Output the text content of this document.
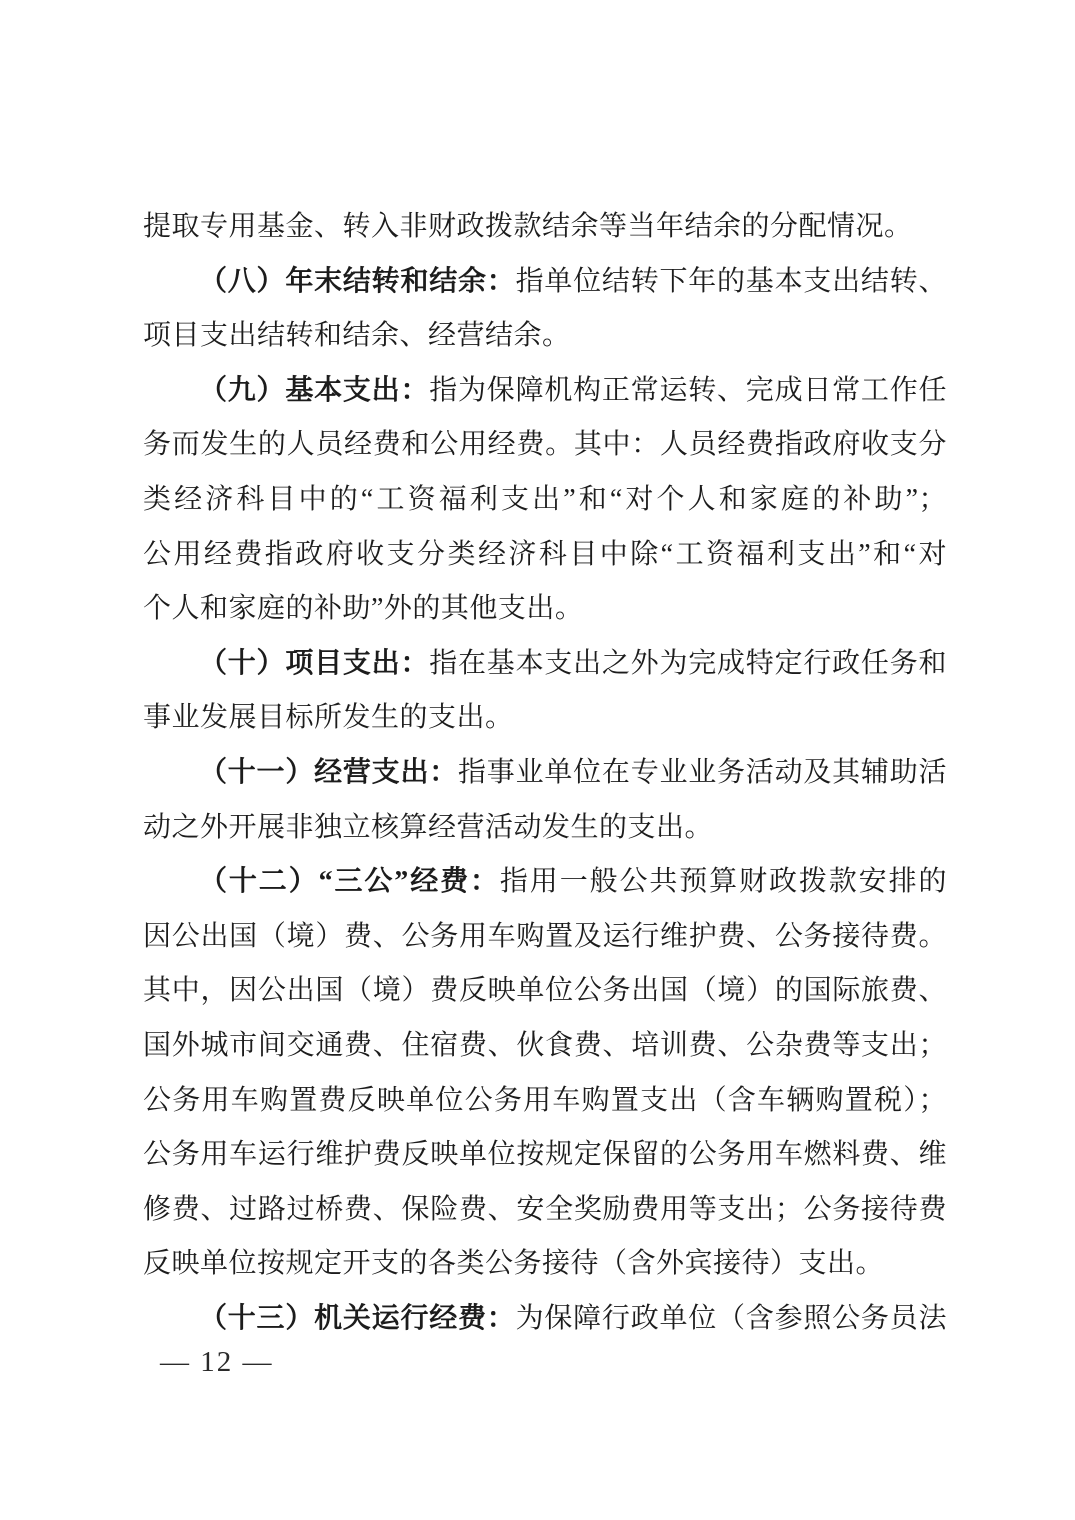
提取专用基金、转入非财政拨款结余等当年结余的分配情况。
（八）年末结转和结余：指单位结转下年的基本支出结转、
项目支出结转和结余、经营结余。
（九）基本支出：指为保障机构正常运转、完成日常工作任
务而发生的人员经费和公用经费。其中：人员经费指政府收支分
类经济科目中的“工资福利支出”和“对个人和家庭的补助”；
公用经费指政府收支分类经济科目中除“工资福利支出”和“对
个人和家庭的补助”外的其他支出。
（十）项目支出：指在基本支出之外为完成特定行政任务和
事业发展目标所发生的支出。
（十一）经营支出：指事业单位在专业业务活动及其辅助活
动之外开展非独立核算经营活动发生的支出。
（十二）“三公”经费：指用一般公共预算财政拨款安排的
因公出国（境）费、公务用车购置及运行维护费、公务接待费。
其中，因公出国（境）费反映单位公务出国（境）的国际旅费、
国外城市间交通费、住宿费、伙食费、培训费、公杂费等支出；
公务用车购置费反映单位公务用车购置支出（含车辆购置税）；
公务用车运行维护费反映单位按规定保留的公务用车燃料费、维
修费、过路过桥费、保险费、安全奖励费用等支出；公务接待费
反映单位按规定开支的各类公务接待（含外宾接待）支出。
（十三）机关运行经费：为保障行政单位（含参照公务员法
— 12 —
